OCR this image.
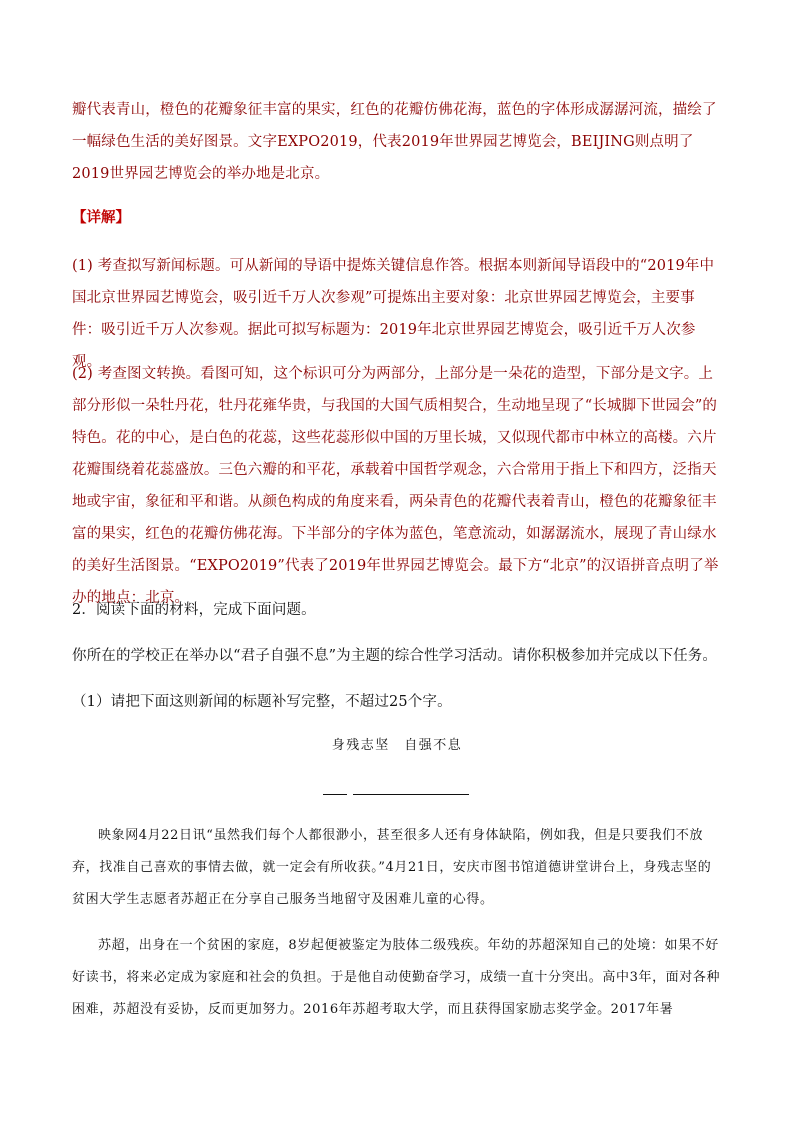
瓣代表青山，橙色的花瓣象征丰富的果实，红色的花瓣仿佛花海，蓝色的字体形成潺潺河流，描绘了一幅绿色生活的美好图景。文字EXPO2019，代表2019年世界园艺博览会，BEIJING则点明了2019世界园艺博览会的举办地是北京。

【详解】

(1) 考查拟写新闻标题。可从新闻的导语中提炼关键信息作答。根据本则新闻导语段中的“2019年中国北京世界园艺博览会，吸引近千万人次参观”可提炼出主要对象：北京世界园艺博览会，主要事件：吸引近千万人次参观。据此可拟写标题为：2019年北京世界园艺博览会，吸引近千万人次参观。

(2) 考查图文转换。看图可知，这个标识可分为两部分，上部分是一朵花的造型，下部分是文字。上部分形似一朵牡丹花，牡丹花雍华贵，与我国的大国气质相契合，生动地呈现了“长城脚下世园会”的特色。花的中心，是白色的花蕊，这些花蕊形似中国的万里长城，又似现代都市中林立的高楼。六片花瓣围绕着花蕊盛放。三色六瓣的和平花，承载着中国哲学观念，六合常用于指上下和四方，泛指天地或宇宙，象征和平和谐。从颜色构成的角度来看，两朵青色的花瓣代表着青山，橙色的花瓣象征丰富的果实，红色的花瓣仿佛花海。下半部分的字体为蓝色，笔意流动，如潺潺流水，展现了青山绿水的美好生活图景。“EXPO2019”代表了2019年世界园艺博览会。最下方“北京”的汉语拼音点明了举办的地点：北京。

2．阅读下面的材料，完成下面问题。

你所在的学校正在举办以“君子自强不息”为主题的综合性学习活动。请你积极参加并完成以下任务。

（1）请把下面这则新闻的标题补写完整，不超过25个字。

身残志坚　自强不息

映象网4月22日讯“虽然我们每个人都很渺小，甚至很多人还有身体缺陷，例如我，但是只要我们不放弃，找准自己喜欢的事情去做，就一定会有所收获。”4月21日，安庆市图书馆道德讲堂讲台上，身残志坚的贫困大学生志愿者苏超正在分享自己服务当地留守及困难儿童的心得。

苏超，出身在一个贫困的家庭，8岁起便被鉴定为肢体二级残疾。年幼的苏超深知自己的处境：如果不好好读书，将来必定成为家庭和社会的负担。于是他自动使勤奋学习，成绩一直十分突出。高中3年，面对各种困难，苏超没有妥协，反而更加努力。2016年苏超考取大学，而且获得国家励志奖学金。2017年暑
